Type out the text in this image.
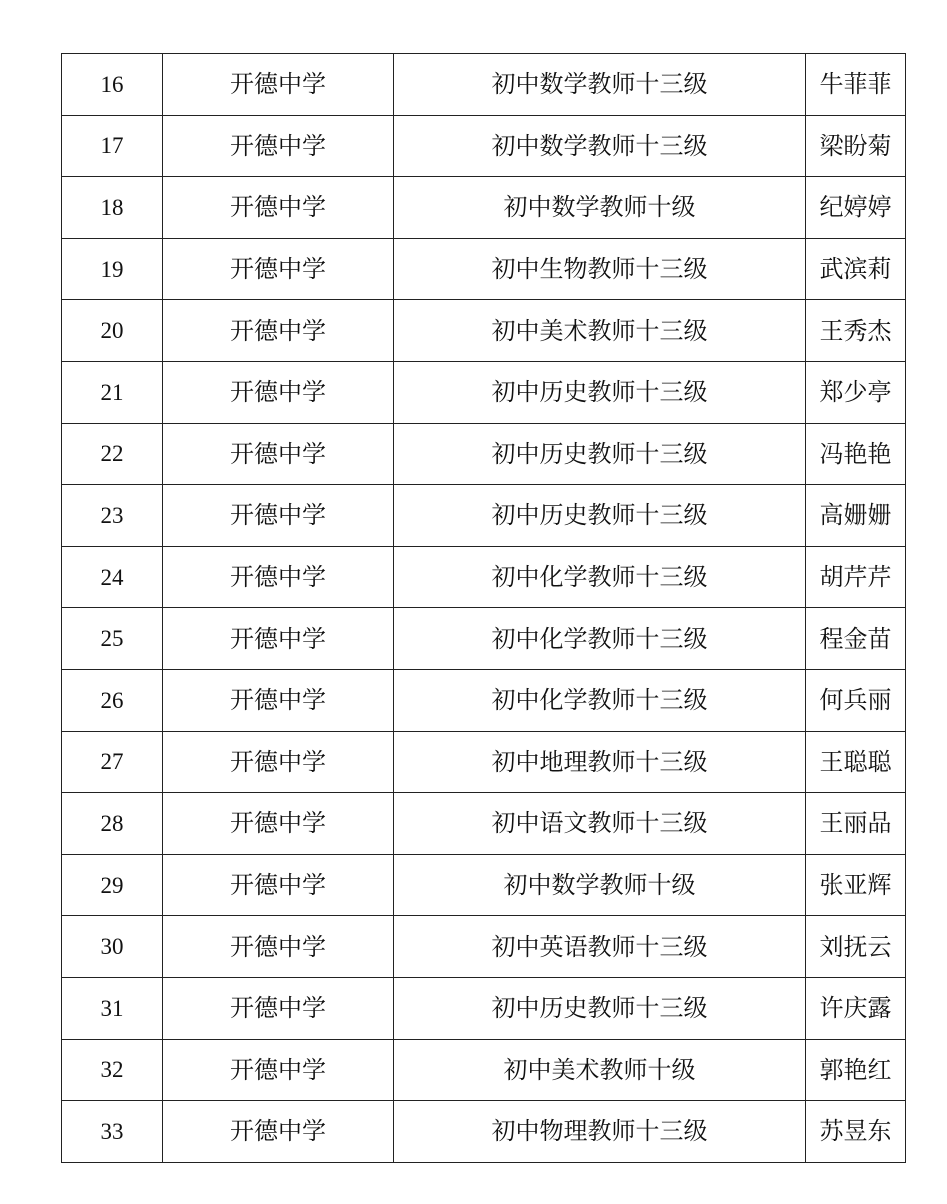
16	开德中学	初中数学教师十三级	牛菲菲
17	开德中学	初中数学教师十三级	梁盼菊
18	开德中学	初中数学教师十级	纪婷婷
19	开德中学	初中生物教师十三级	武滨莉
20	开德中学	初中美术教师十三级	王秀杰
21	开德中学	初中历史教师十三级	郑少亭
22	开德中学	初中历史教师十三级	冯艳艳
23	开德中学	初中历史教师十三级	高姗姗
24	开德中学	初中化学教师十三级	胡芹芹
25	开德中学	初中化学教师十三级	程金苗
26	开德中学	初中化学教师十三级	何兵丽
27	开德中学	初中地理教师十三级	王聪聪
28	开德中学	初中语文教师十三级	王丽品
29	开德中学	初中数学教师十级	张亚辉
30	开德中学	初中英语教师十三级	刘抚云
31	开德中学	初中历史教师十三级	许庆露
32	开德中学	初中美术教师十级	郭艳红
33	开德中学	初中物理教师十三级	苏昱东
